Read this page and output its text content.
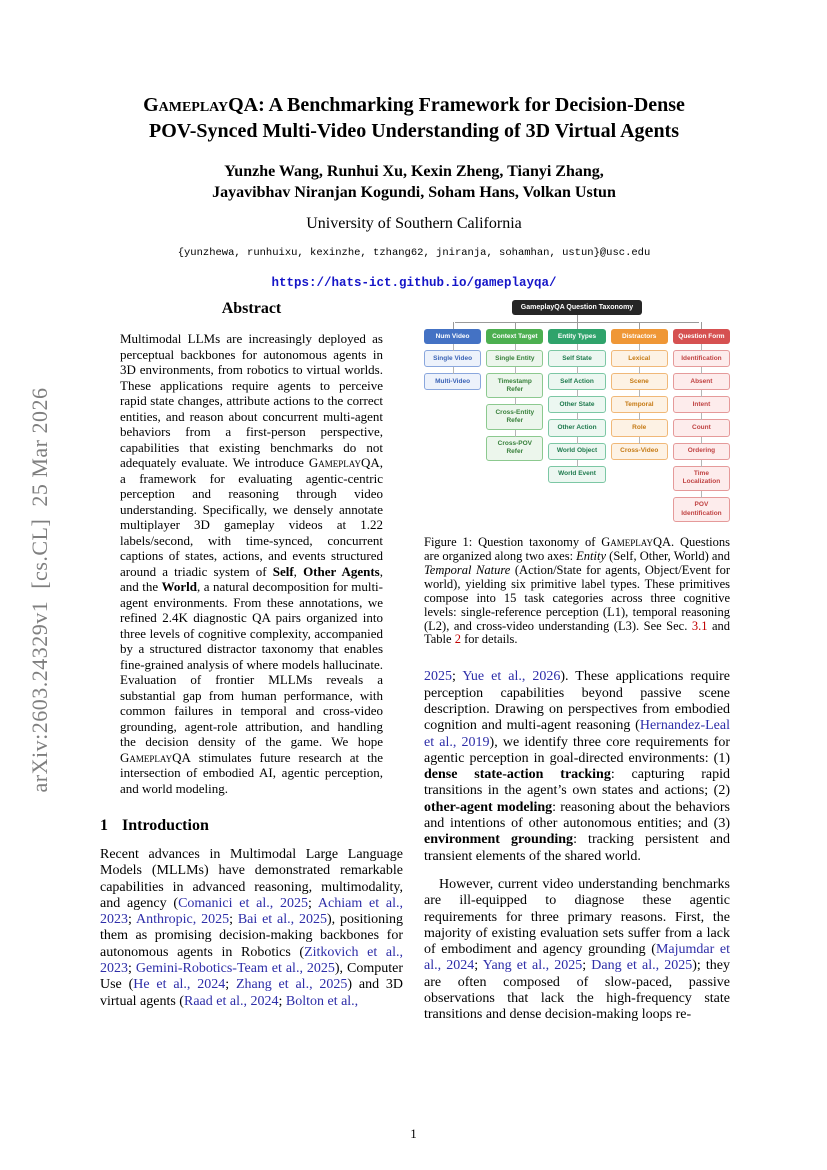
arXiv:2603.24329v1  [cs.CL]  25 Mar 2026
GameplayQA: A Benchmarking Framework for Decision-Dense
POV-Synced Multi-Video Understanding of 3D Virtual Agents
Yunzhe Wang, Runhui Xu, Kexin Zheng, Tianyi Zhang,
Jayavibhav Niranjan Kogundi, Soham Hans, Volkan Ustun
University of Southern California
{yunzhewa, runhuixu, kexinzhe, tzhang62, jniranja, sohamhan, ustun}@usc.edu
https://hats-ict.github.io/gameplayqa/
Abstract
Multimodal LLMs are increasingly deployed as perceptual backbones for autonomous agents in 3D environments, from robotics to virtual worlds. These applications require agents to perceive rapid state changes, attribute actions to the correct entities, and reason about concurrent multi-agent behaviors from a first-person perspective, capabilities that existing benchmarks do not adequately evaluate. We introduce GameplayQA, a framework for evaluating agentic-centric perception and reasoning through video understanding. Specifically, we densely annotate multiplayer 3D gameplay videos at 1.22 labels/second, with time-synced, concurrent captions of states, actions, and events structured around a triadic system of Self, Other Agents, and the World, a natural decomposition for multi-agent environments. From these annotations, we refined 2.4K diagnostic QA pairs organized into three levels of cognitive complexity, accompanied by a structured distractor taxonomy that enables fine-grained analysis of where models hallucinate. Evaluation of frontier MLLMs reveals a substantial gap from human performance, with common failures in temporal and cross-video grounding, agent-role attribution, and handling the decision density of the game. We hope GameplayQA stimulates future research at the intersection of embodied AI, agentic perception, and world modeling.
1 Introduction
Recent advances in Multimodal Large Language Models (MLLMs) have demonstrated remarkable capabilities in advanced reasoning, multimodality, and agency (Comanici et al., 2025; Achiam et al., 2023; Anthropic, 2025; Bai et al., 2025), positioning them as promising decision-making backbones for autonomous agents in Robotics (Zitkovich et al., 2023; Gemini-Robotics-Team et al., 2025), Computer Use (He et al., 2024; Zhang et al., 2025) and 3D virtual agents (Raad et al., 2024; Bolton et al.,
GameplayQA Question Taxonomy
Num Video
Single Video
Multi-Video
Context Target
Single Entity
Timestamp Refer
Cross-Entity Refer
Cross-POV Refer
Entity Types
Self State
Self Action
Other State
Other Action
World Object
World Event
Distractors
Lexical
Scene
Temporal
Role
Cross-Video
Question Form
Identification
Absent
Intent
Count
Ordering
Time Localization
POV Identification
Figure 1: Question taxonomy of GameplayQA. Questions are organized along two axes: Entity (Self, Other, World) and Temporal Nature (Action/State for agents, Object/Event for world), yielding six primitive label types. These primitives compose into 15 task categories across three cognitive levels: single-reference perception (L1), temporal reasoning (L2), and cross-video understanding (L3). See Sec. 3.1 and Table 2 for details.
2025; Yue et al., 2026). These applications require perception capabilities beyond passive scene description. Drawing on perspectives from embodied cognition and multi-agent reasoning (Hernandez-Leal et al., 2019), we identify three core requirements for agentic perception in goal-directed environments: (1) dense state-action tracking: capturing rapid transitions in the agent’s own states and actions; (2) other-agent modeling: reasoning about the behaviors and intentions of other autonomous entities; and (3) environment grounding: tracking persistent and transient elements of the shared world.
However, current video understanding benchmarks are ill-equipped to diagnose these agentic requirements for three primary reasons. First, the majority of existing evaluation sets suffer from a lack of embodiment and agency grounding (Majumdar et al., 2024; Yang et al., 2025; Dang et al., 2025); they are often composed of slow-paced, passive observations that lack the high-frequency state transitions and dense decision-making loops re-
1
